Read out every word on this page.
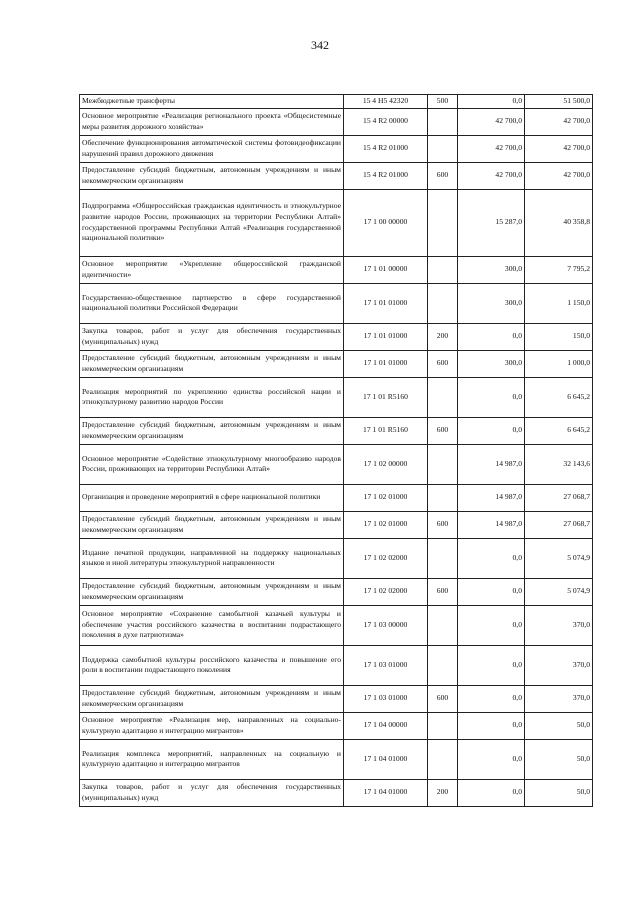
342
Межбюджетные трансферты	15 4 Н5 42320	500	0,0	51 500,0
Основное мероприятие «Реализация регионального проекта «Общесистемные меры развития дорожного хозяйства»	15 4 R2 00000		42 700,0	42 700,0
Обеспечение функционирования автоматической системы фотовидеофиксации нарушений правил дорожного движения	15 4 R2 01000		42 700,0	42 700,0
Предоставление субсидий бюджетным, автономным учреждениям и иным некоммерческим организациям	15 4 R2 01000	600	42 700,0	42 700,0
Подпрограмма «Общероссийская гражданская идентичность и этнокультурное развитие народов России, проживающих на территории Республики Алтай» государственной программы Республики Алтай «Реализация государственной национальной политики»	17 1 00 00000		15 287,0	40 358,8
Основное мероприятие «Укрепление общероссийской гражданской идентичности»	17 1 01 00000		300,0	7 795,2
Государственно-общественное партнерство в сфере государственной национальной политики Российской Федерации	17 1 01 01000		300,0	1 150,0
Закупка товаров, работ и услуг для обеспечения государственных (муниципальных) нужд	17 1 01 01000	200	0,0	150,0
Предоставление субсидий бюджетным, автономным учреждениям и иным некоммерческим организациям	17 1 01 01000	600	300,0	1 000,0
Реализация мероприятий по укреплению единства российской нации и этнокультурному развитию народов России	17 1 01 R5160		0,0	6 645,2
Предоставление субсидий бюджетным, автономным учреждениям и иным некоммерческим организациям	17 1 01 R5160	600	0,0	6 645,2
Основное мероприятие «Содействие этнокультурному многообразию народов России, проживающих на территории Республики Алтай»	17 1 02 00000		14 987,0	32 143,6
Организация и проведение мероприятий в сфере национальной политики	17 1 02 01000		14 987,0	27 068,7
Предоставление субсидий бюджетным, автономным учреждениям и иным некоммерческим организациям	17 1 02 01000	600	14 987,0	27 068,7
Издание печатной продукции, направленной на поддержку национальных языков и иной литературы этнокультурной направленности	17 1 02 02000		0,0	5 074,9
Предоставление субсидий бюджетным, автономным учреждениям и иным некоммерческим организациям	17 1 02 02000	600	0,0	5 074,9
Основное мероприятие «Сохранение самобытной казачьей культуры и обеспечение участия российского казачества в воспитании подрастающего поколения в духе патриотизма»	17 1 03 00000		0,0	370,0
Поддержка самобытной культуры российского казачества и повышение его роли в воспитании подрастающего поколения	17 1 03 01000		0,0	370,0
Предоставление субсидий бюджетным, автономным учреждениям и иным некоммерческим организациям	17 1 03 01000	600	0,0	370,0
Основное мероприятие «Реализация мер, направленных на социально-культурную адаптацию и интеграцию мигрантов»	17 1 04 00000		0,0	50,0
Реализация комплекса мероприятий, направленных на социальную и культурную адаптацию и интеграцию мигрантов	17 1 04 01000		0,0	50,0
Закупка товаров, работ и услуг для обеспечения государственных (муниципальных) нужд	17 1 04 01000	200	0,0	50,0
